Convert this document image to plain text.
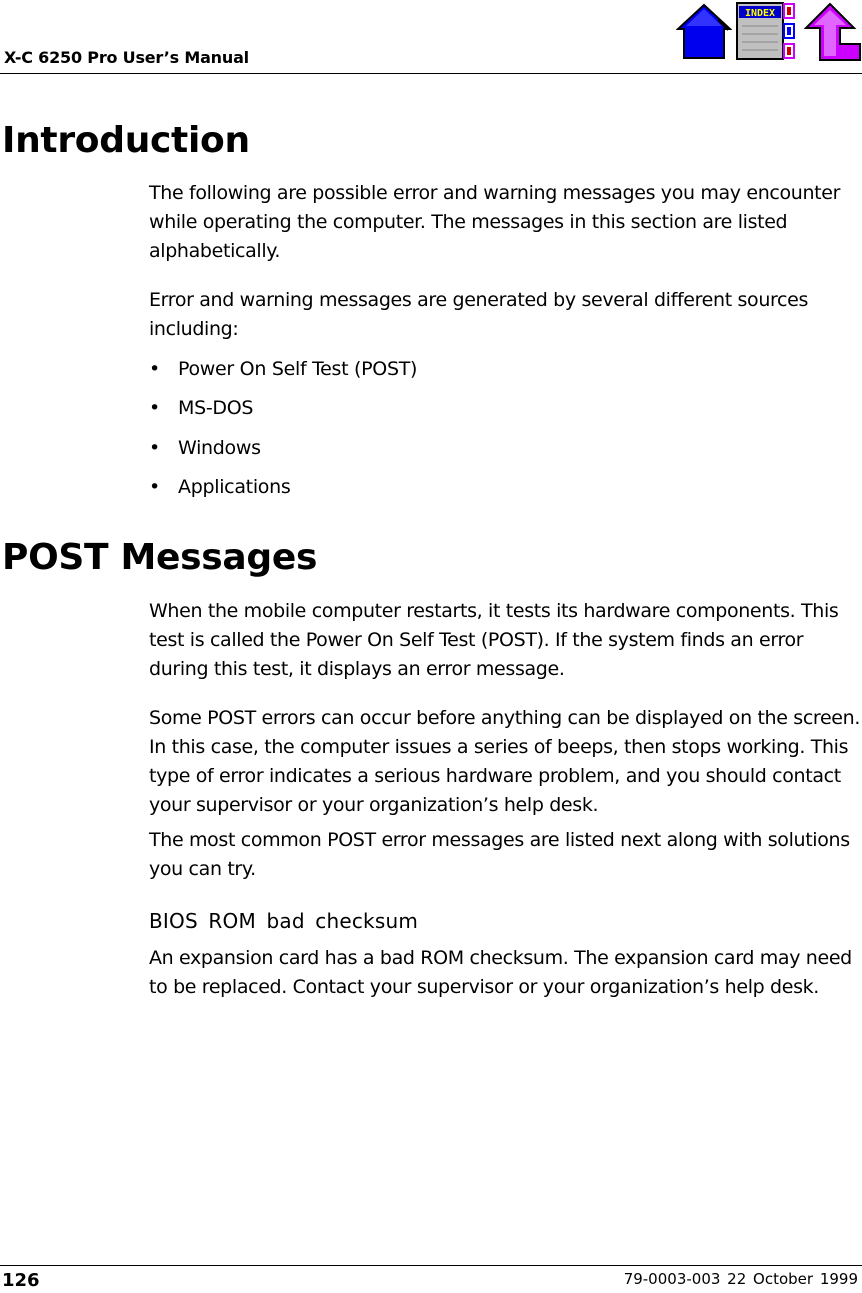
X-C 6250 Pro User’s Manual
INDEX
Introduction

The following are possible error and warning messages you may encounter while operating the computer. The messages in this section are listed alphabetically.

Error and warning messages are generated by several different sources including:

• Power On Self Test (POST)
• MS-DOS
• Windows
• Applications
POST Messages

When the mobile computer restarts, it tests its hardware components. This test is called the Power On Self Test (POST). If the system finds an error during this test, it displays an error message.

Some POST errors can occur before anything can be displayed on the screen. In this case, the computer issues a series of beeps, then stops working. This type of error indicates a serious hardware problem, and you should contact your supervisor or your organization’s help desk.

The most common POST error messages are listed next along with solutions you can try.

BIOS ROM bad checksum

An expansion card has a bad ROM checksum. The expansion card may need to be replaced. Contact your supervisor or your organization’s help desk.

126	79-0003-003 22 October 1999
